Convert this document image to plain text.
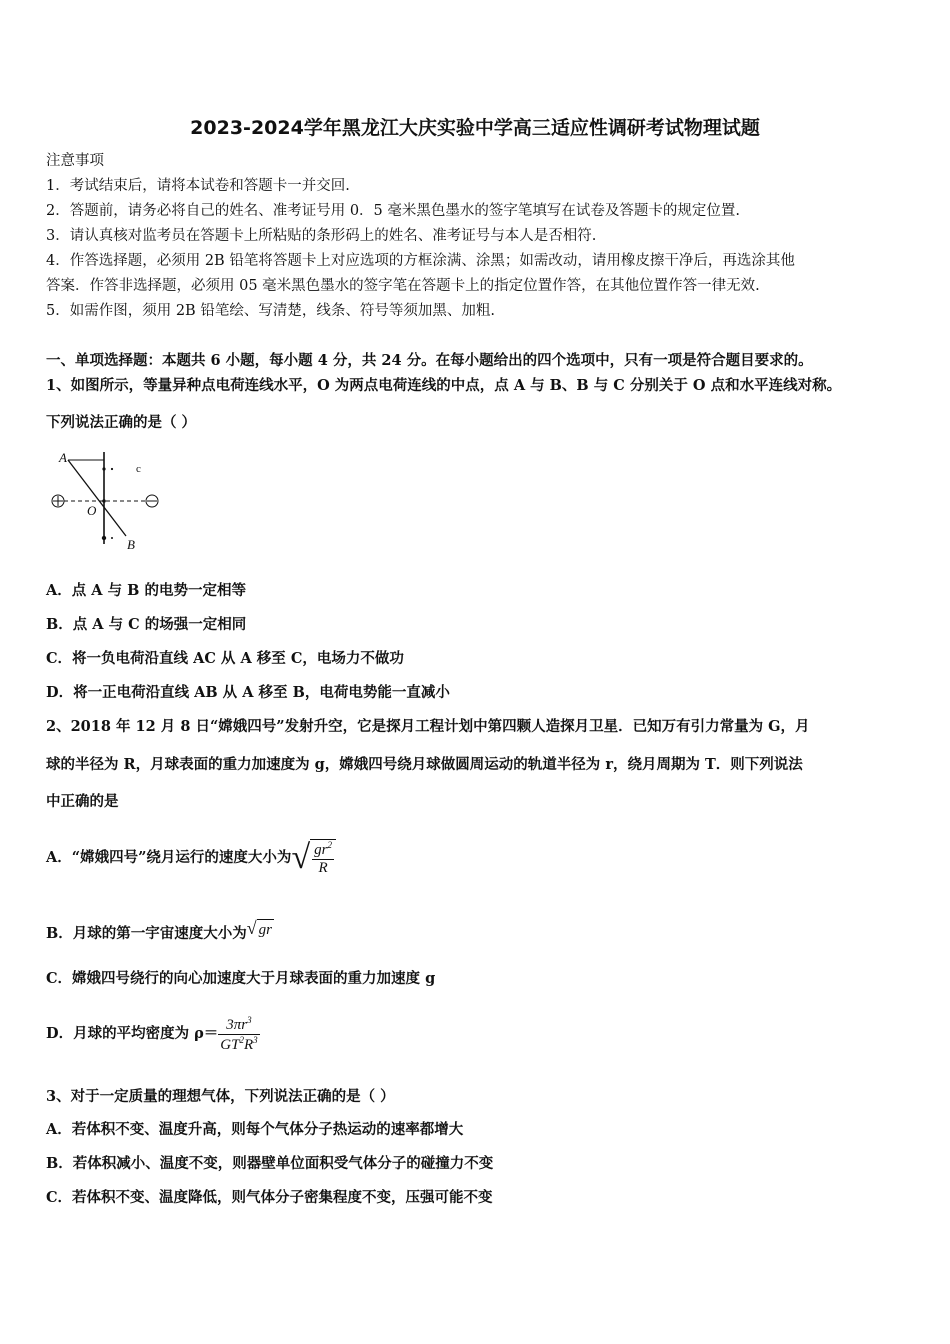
2023-2024学年黑龙江大庆实验中学高三适应性调研考试物理试题
注意事项
1．考试结束后，请将本试卷和答题卡一并交回.
2．答题前，请务必将自己的姓名、准考证号用 0．5 毫米黑色墨水的签字笔填写在试卷及答题卡的规定位置.
3．请认真核对监考员在答题卡上所粘贴的条形码上的姓名、准考证号与本人是否相符.
4．作答选择题，必须用 2B 铅笔将答题卡上对应选项的方框涂满、涂黑；如需改动，请用橡皮擦干净后，再选涂其他
答案．作答非选择题，必须用 05 毫米黑色墨水的签字笔在答题卡上的指定位置作答，在其他位置作答一律无效.
5．如需作图，须用 2B 铅笔绘、写清楚，线条、符号等须加黑、加粗.
一、单项选择题：本题共 6 小题，每小题 4 分，共 24 分。在每小题给出的四个选项中，只有一项是符合题目要求的。
1、如图所示，等量异种点电荷连线水平，O 为两点电荷连线的中点，点 A 与 B、B 与 C 分别关于 O 点和水平连线对称。
下列说法正确的是（ ）
A
c
O
B
A．点 A 与 B 的电势一定相等
B．点 A 与 C 的场强一定相同
C．将一负电荷沿直线 AC 从 A 移至 C，电场力不做功
D．将一正电荷沿直线 AB 从 A 移至 B，电荷电势能一直减小
2、2018 年 12 月 8 日“嫦娥四号”发射升空，它是探月工程计划中第四颗人造探月卫星．已知万有引力常量为 G，月
球的半径为 R，月球表面的重力加速度为 g，嫦娥四号绕月球做圆周运动的轨道半径为 r，绕月周期为 T．则下列说法
中正确的是
A．“嫦娥四号”绕月运行的速度大小为√ $\frac{gr^2}{R}$
B．月球的第一宇宙速度大小为√ gr
C．嫦娥四号绕行的向心加速度大于月球表面的重力加速度 g
D．月球的平均密度为 $\rho= \frac{3\pi r^3}{GT^2R^3}$
3、对于一定质量的理想气体，下列说法正确的是（ ）
A．若体积不变、温度升高，则每个气体分子热运动的速率都增大
B．若体积减小、温度不变，则器壁单位面积受气体分子的碰撞力不变
C．若体积不变、温度降低，则气体分子密集程度不变，压强可能不变
